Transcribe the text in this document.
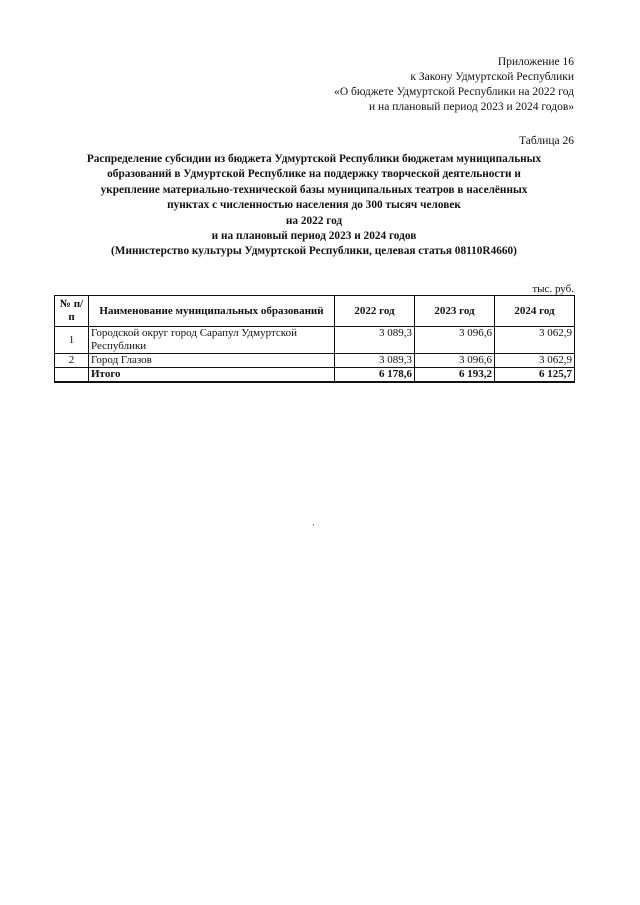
Приложение 16
к Закону Удмуртской Республики
«О бюджете Удмуртской Республики на 2022 год
и на плановый период 2023 и 2024 годов»
Таблица 26
Распределение субсидии из бюджета Удмуртской Республики бюджетам муниципальных
образований в Удмуртской Республике на поддержку творческой деятельности и
укрепление материально-технической базы муниципальных театров в населённых
пунктах с численностью населения до 300 тысяч человек
на 2022 год
и на плановый период 2023 и 2024 годов
(Министерство культуры Удмуртской Республики, целевая статья 08110R4660)
тыс. руб.
№ п/п	Наименование муниципальных образований	2022 год	2023 год	2024 год
1	Городской округ город Сарапул Удмуртской Республики	3 089,3	3 096,6	3 062,9
2	Город Глазов	3 089,3	3 096,6	3 062,9
	Итого	6 178,6	6 193,2	6 125,7
